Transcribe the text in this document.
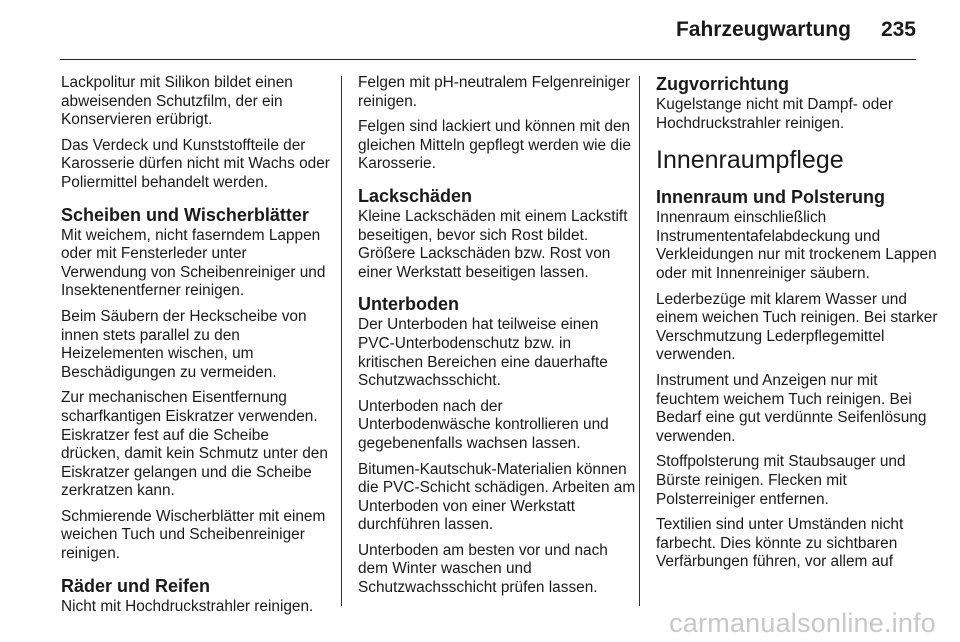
Fahrzeugwartung 235

Lackpolitur mit Silikon bildet einen abweisenden Schutzfilm, der ein Konservieren erübrigt.

Das Verdeck und Kunststoffteile der Karosserie dürfen nicht mit Wachs oder Poliermittel behandelt werden.

Scheiben und Wischerblätter

Mit weichem, nicht faserndem Lappen oder mit Fensterleder unter Verwendung von Scheibenreiniger und Insektenentferner reinigen.

Beim Säubern der Heckscheibe von innen stets parallel zu den Heizelementen wischen, um Beschädigungen zu vermeiden.

Zur mechanischen Eisentfernung scharfkantigen Eiskratzer verwenden. Eiskratzer fest auf die Scheibe drücken, damit kein Schmutz unter den Eiskratzer gelangen und die Scheibe zerkratzen kann.

Schmierende Wischerblätter mit einem weichen Tuch und Scheibenreiniger reinigen.

Räder und Reifen

Nicht mit Hochdruckstrahler reinigen.

Felgen mit pH-neutralem Felgenreiniger reinigen.

Felgen sind lackiert und können mit den gleichen Mitteln gepflegt werden wie die Karosserie.

Lackschäden

Kleine Lackschäden mit einem Lackstift beseitigen, bevor sich Rost bildet. Größere Lackschäden bzw. Rost von einer Werkstatt beseitigen lassen.

Unterboden

Der Unterboden hat teilweise einen PVC-Unterbodenschutz bzw. in kritischen Bereichen eine dauerhafte Schutzwachsschicht.

Unterboden nach der Unterbodenwäsche kontrollieren und gegebenenfalls wachsen lassen.

Bitumen-Kautschuk-Materialien können die PVC-Schicht schädigen. Arbeiten am Unterboden von einer Werkstatt durchführen lassen.

Unterboden am besten vor und nach dem Winter waschen und Schutzwachsschicht prüfen lassen.

Zugvorrichtung

Kugelstange nicht mit Dampf- oder Hochdruckstrahler reinigen.

Innenraumpflege
Innenraum und Polsterung

Innenraum einschließlich Instrumententafelabdeckung und Verkleidungen nur mit trockenem Lappen oder mit Innenreiniger säubern.

Lederbezüge mit klarem Wasser und einem weichen Tuch reinigen. Bei starker Verschmutzung Lederpflegemittel verwenden.

Instrument und Anzeigen nur mit feuchtem weichem Tuch reinigen. Bei Bedarf eine gut verdünnte Seifenlösung verwenden.

Stoffpolsterung mit Staubsauger und Bürste reinigen. Flecken mit Polsterreiniger entfernen.

Textilien sind unter Umständen nicht farbecht. Dies könnte zu sichtbaren Verfärbungen führen, vor allem auf

carmanualsonline.info
